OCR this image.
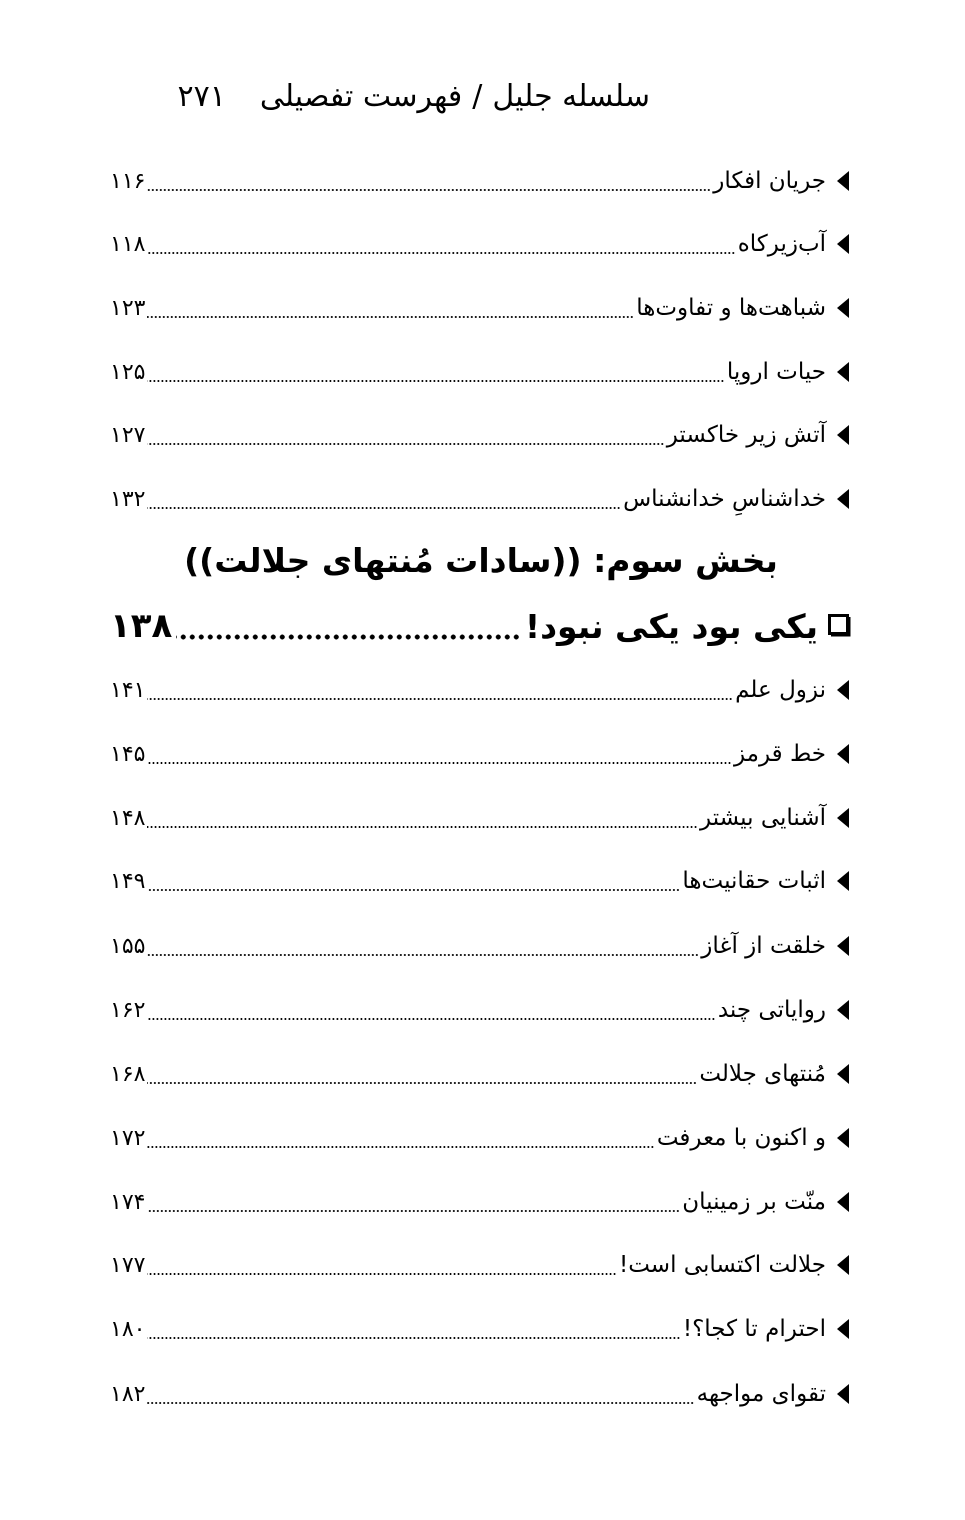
سلسله جلیل
/
فهرست تفصیلی
۲۷۱
جریان افکار
۱۱۶
آب‌زیرکاه
۱۱۸
شباهت‌ها و تفاوت‌ها
۱۲۳
حیات اروپا
۱۲۵
آتش زیر خاکستر
۱۲۷
خداشناسِ خدانشناس
۱۳۲
بخش سوم: ((سادات مُنتهای جلالت))
یکی بود یکی نبود!
۱۳۸
نزول علم
۱۴۱
خط قرمز
۱۴۵
آشنایی بیشتر
۱۴۸
اثبات حقانیت‌ها
۱۴۹
خلقت از آغاز
۱۵۵
روایاتی چند
۱۶۲
مُنتهای جلالت
۱۶۸
و اکنون با معرفت
۱۷۲
منّت بر زمینیان
۱۷۴
جلالت اکتسابی است!
۱۷۷
احترام تا کجا؟!
۱۸۰
تقوای مواجهه
۱۸۲
